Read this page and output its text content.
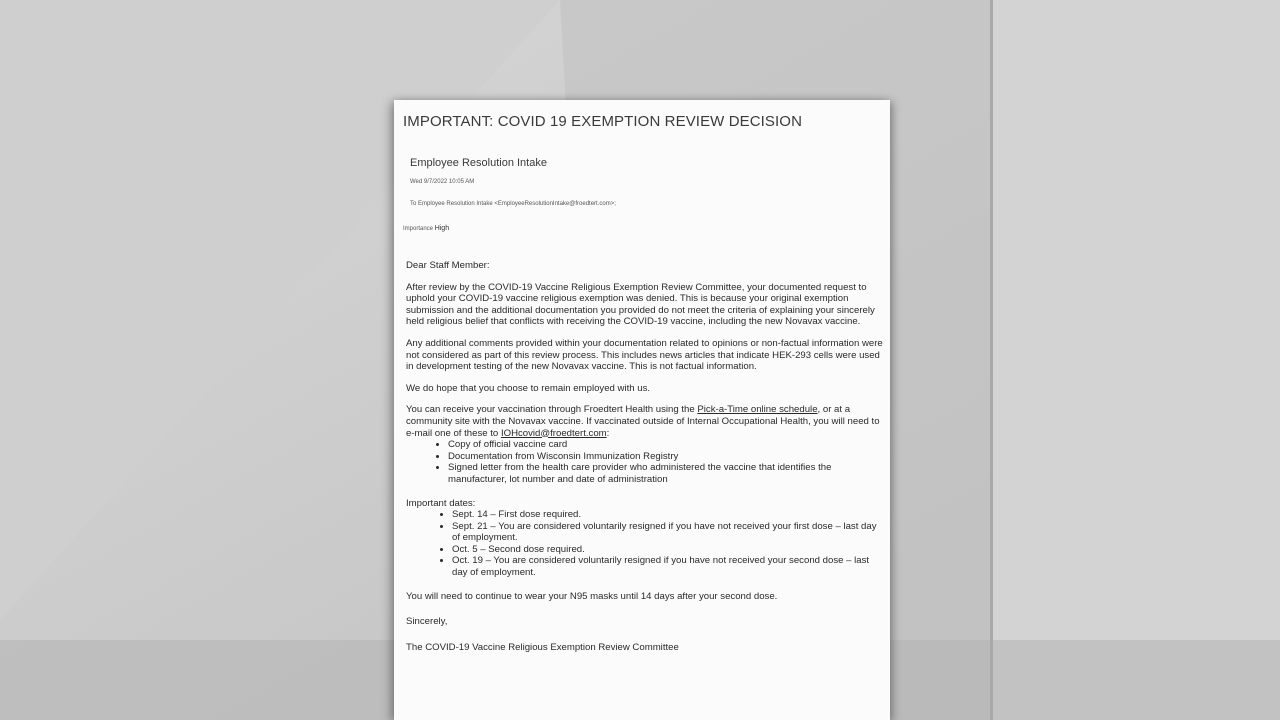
IMPORTANT: COVID 19 EXEMPTION REVIEW DECISION
Employee Resolution Intake
Wed 9/7/2022 10:05 AM
To Employee Resolution Intake <EmployeeResolutionIntake@froedtert.com>;
Importance High

Dear Staff Member:

After review by the COVID-19 Vaccine Religious Exemption Review Committee, your documented request to uphold your COVID-19 vaccine religious exemption was denied. This is because your original exemption submission and the additional documentation you provided do not meet the criteria of explaining your sincerely held religious belief that conflicts with receiving the COVID-19 vaccine, including the new Novavax vaccine.

Any additional comments provided within your documentation related to opinions or non-factual information were not considered as part of this review process. This includes news articles that indicate HEK-293 cells were used in development testing of the new Novavax vaccine. This is not factual information.

We do hope that you choose to remain employed with us.

You can receive your vaccination through Froedtert Health using the Pick-a-Time online schedule, or at a community site with the Novavax vaccine. If vaccinated outside of Internal Occupational Health, you will need to e-mail one of these to IOHcovid@froedtert.com:

• Copy of official vaccine card
• Documentation from Wisconsin Immunization Registry
• Signed letter from the health care provider who administered the vaccine that identifies the manufacturer, lot number and date of administration

Important dates:

• Sept. 14 – First dose required.
• Sept. 21 – You are considered voluntarily resigned if you have not received your first dose – last day of employment.
• Oct. 5 – Second dose required.
• Oct. 19 – You are considered voluntarily resigned if you have not received your second dose – last day of employment.

You will need to continue to wear your N95 masks until 14 days after your second dose.

Sincerely,

The COVID-19 Vaccine Religious Exemption Review Committee
